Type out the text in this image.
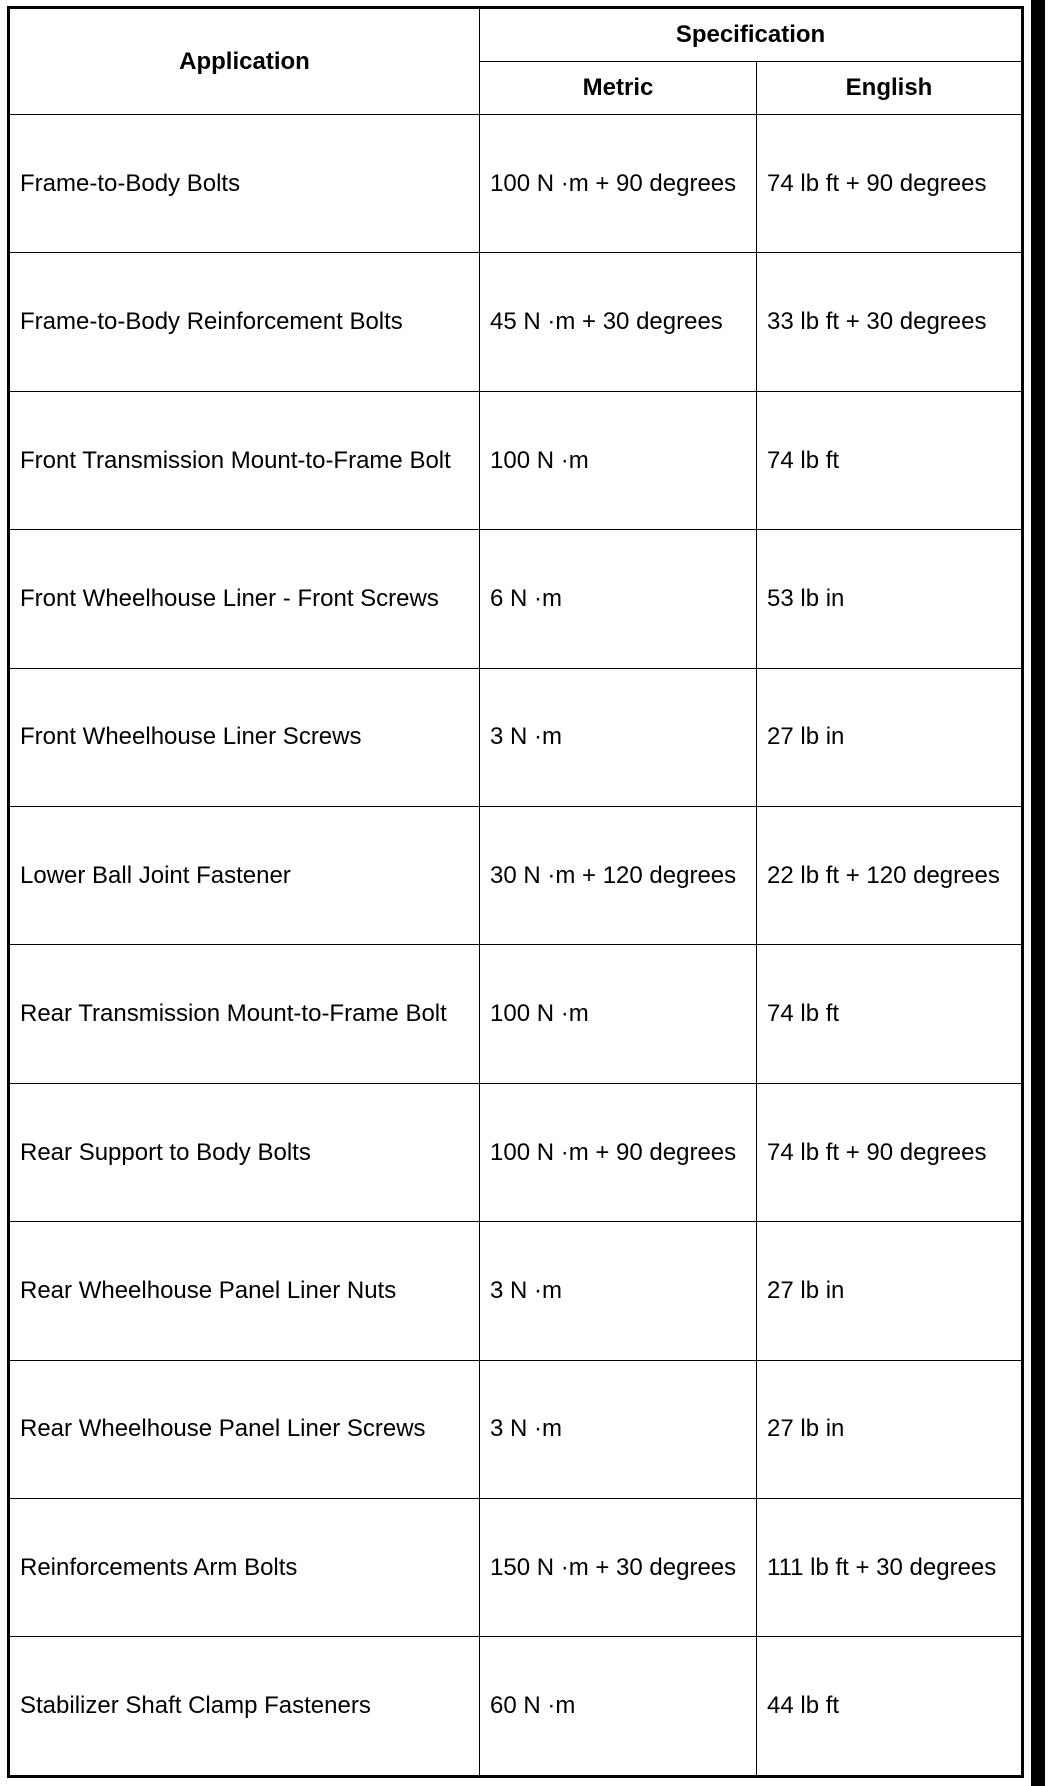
Application	Specification	
	Metric	English
Frame-to-Body Bolts	100 N ·m + 90 degrees	74 lb ft + 90 degrees
Frame-to-Body Reinforcement Bolts	45 N ·m + 30 degrees	33 lb ft + 30 degrees
Front Transmission Mount-to-Frame Bolt	100 N ·m	74 lb ft
Front Wheelhouse Liner - Front Screws	6 N ·m	53 lb in
Front Wheelhouse Liner Screws	3 N ·m	27 lb in
Lower Ball Joint Fastener	30 N ·m + 120 degrees	22 lb ft + 120 degrees
Rear Transmission Mount-to-Frame Bolt	100 N ·m	74 lb ft
Rear Support to Body Bolts	100 N ·m + 90 degrees	74 lb ft + 90 degrees
Rear Wheelhouse Panel Liner Nuts	3 N ·m	27 lb in
Rear Wheelhouse Panel Liner Screws	3 N ·m	27 lb in
Reinforcements Arm Bolts	150 N ·m + 30 degrees	111 lb ft + 30 degrees
Stabilizer Shaft Clamp Fasteners	60 N ·m	44 lb ft
